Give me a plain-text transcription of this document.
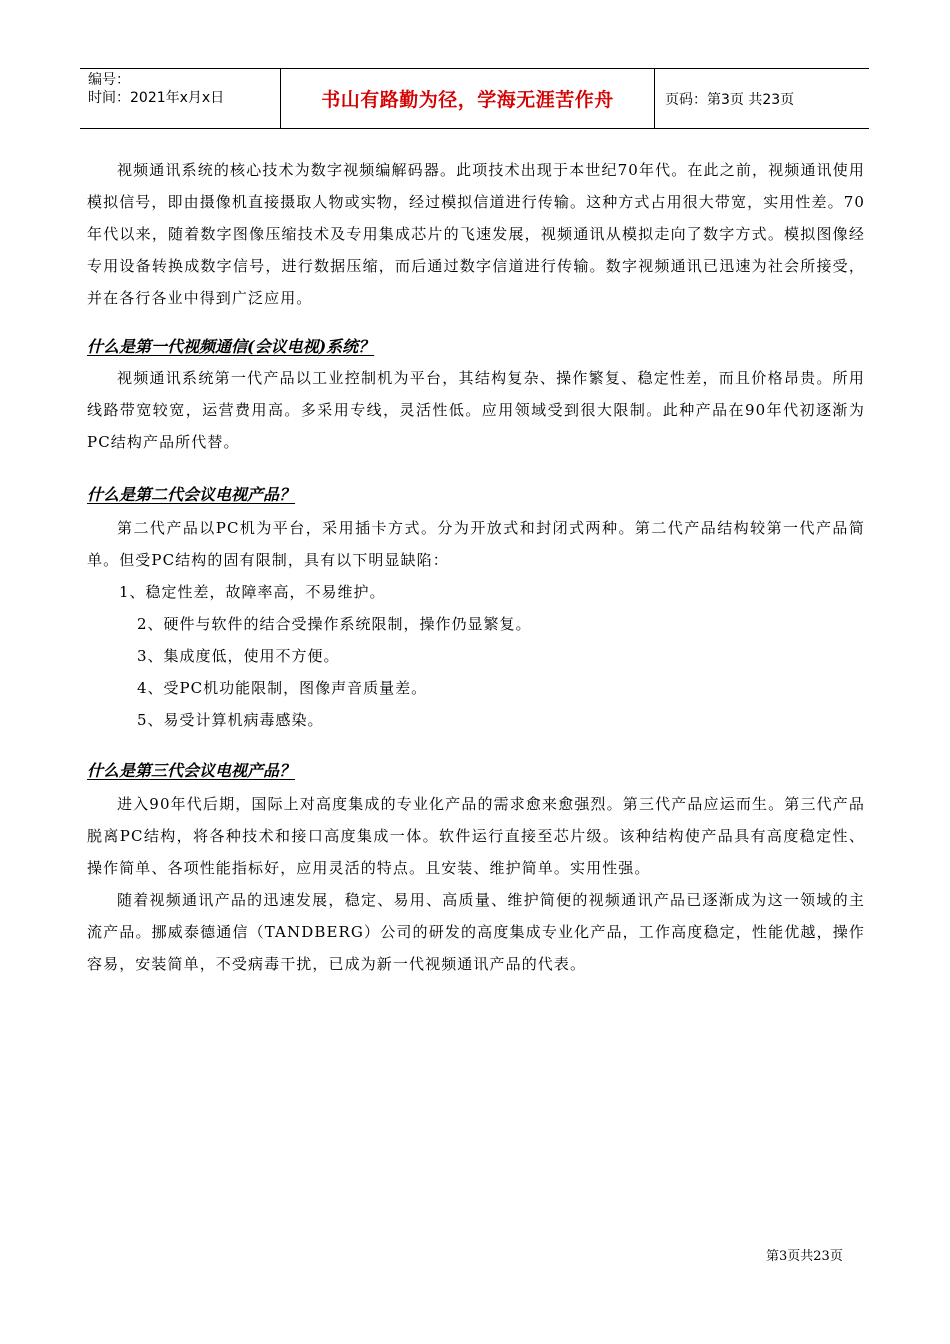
编号：
时间：2021年x月x日	书山有路勤为径，学海无涯苦作舟	页码：第3页 共23页

视频通讯系统的核心技术为数字视频编解码器。此项技术出现于本世纪70年代。在此之前，视频通讯使用模拟信号，即由摄像机直接摄取人物或实物，经过模拟信道进行传输。这种方式占用很大带宽，实用性差。70年代以来，随着数字图像压缩技术及专用集成芯片的飞速发展，视频通讯从模拟走向了数字方式。模拟图像经专用设备转换成数字信号，进行数据压缩，而后通过数字信道进行传输。数字视频通讯已迅速为社会所接受，并在各行各业中得到广泛应用。

什么是第一代视频通信(会议电视)系统？

视频通讯系统第一代产品以工业控制机为平台，其结构复杂、操作繁复、稳定性差，而且价格昂贵。所用线路带宽较宽，运营费用高。多采用专线，灵活性低。应用领域受到很大限制。此种产品在90年代初逐渐为PC结构产品所代替。

什么是第二代会议电视产品？

第二代产品以PC机为平台，采用插卡方式。分为开放式和封闭式两种。第二代产品结构较第一代产品简单。但受PC结构的固有限制，具有以下明显缺陷：

1、稳定性差，故障率高，不易维护。
2、硬件与软件的结合受操作系统限制，操作仍显繁复。
3、集成度低，使用不方便。
4、受PC机功能限制，图像声音质量差。
5、易受计算机病毒感染。

什么是第三代会议电视产品？

进入90年代后期，国际上对高度集成的专业化产品的需求愈来愈强烈。第三代产品应运而生。第三代产品脱离PC结构，将各种技术和接口高度集成一体。软件运行直接至芯片级。该种结构使产品具有高度稳定性、操作简单、各项性能指标好，应用灵活的特点。且安装、维护简单。实用性强。

随着视频通讯产品的迅速发展，稳定、易用、高质量、维护简便的视频通讯产品已逐渐成为这一领域的主流产品。挪威泰德通信（TANDBERG）公司的研发的高度集成专业化产品，工作高度稳定，性能优越，操作容易，安装简单，不受病毒干扰，已成为新一代视频通讯产品的代表。

第3页共23页
